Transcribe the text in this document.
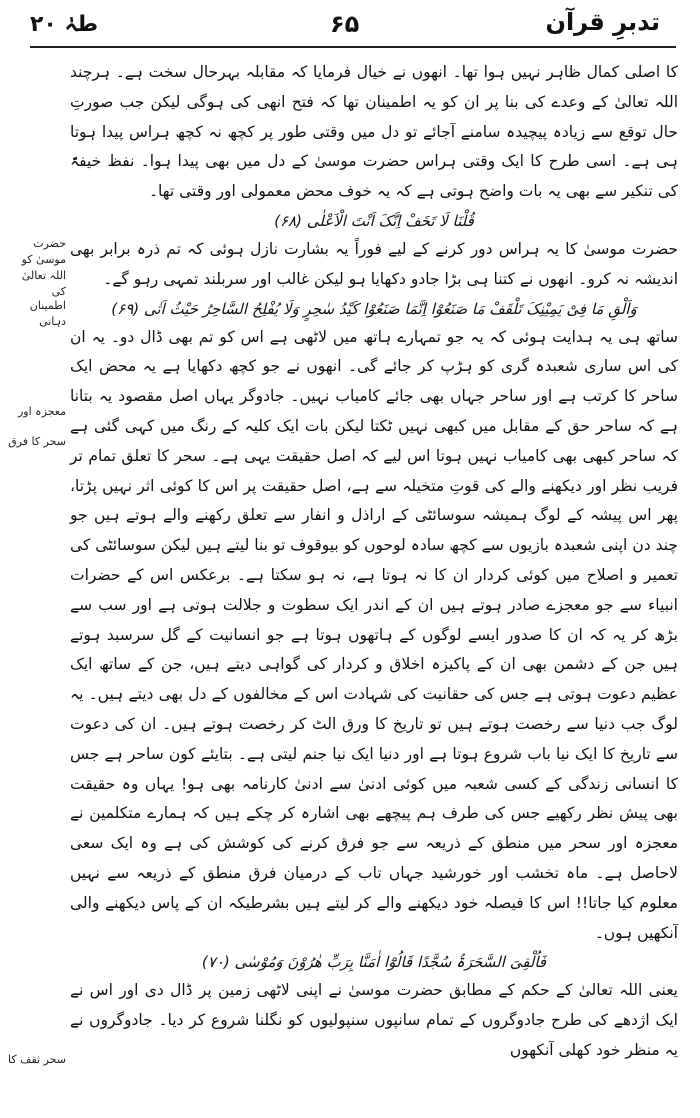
طہٰ ۲۰	۶۵	تدبرِ قرآن

کا اصلی کمال ظاہر نہیں ہوا تھا۔ انھوں نے خیال فرمایا کہ مقابلہ بہرحال سخت ہے۔ ہرچند اللہ تعالیٰ کے وعدے کی بنا پر ان کو یہ اطمینان تھا کہ فتح انھی کی ہوگی لیکن جب صورتِ حال توقع سے زیادہ پیچیدہ سامنے آجائے تو دل میں وقتی طور پر کچھ نہ کچھ ہراس پیدا ہوتا ہی ہے۔ اسی طرح کا ایک وقتی ہراس حضرت موسیٰ کے دل میں بھی پیدا ہوا۔ نفظ خیفۃً کی تنکیر سے بھی یہ بات واضح ہوتی ہے کہ یہ خوف محض معمولی اور وقتی تھا۔

قُلْنَا لَا تَخَفْ اِنَّکَ اَنْتَ الْاَعْلٰی (۶۸)

حضرت موسیٰ کا یہ ہراس دور کرنے کے لیے فوراً یہ بشارت نازل ہوئی کہ تم ذرہ برابر بھی اندیشہ نہ کرو۔ انھوں نے کتنا ہی بڑا جادو دکھایا ہو لیکن غالب اور سربلند تمہی رہو گے۔

وَاَلْقِ مَا فِیْ یَمِیْنِکَ تَلْقَفْ مَا صَنَعُوْا اِنَّمَا صَنَعُوْا کَیْدُ سٰحِرٍ وَلَا یُفْلِحُ السَّاحِرُ حَیْثُ اَتٰی (۶۹)

ساتھ ہی یہ ہدایت ہوئی کہ یہ جو تمہارے ہاتھ میں لاٹھی ہے اس کو تم بھی ڈال دو۔ یہ ان کی اس ساری شعبدہ گری کو ہڑپ کر جائے گی۔ انھوں نے جو کچھ دکھایا ہے یہ محض ایک ساحر کا کرتب ہے اور ساحر جہاں بھی جائے کامیاب نہیں۔ جادوگر یہاں اصل مقصود یہ بتانا ہے کہ ساحر حق کے مقابل میں کبھی نہیں ٹکتا لیکن بات ایک کلیہ کے رنگ میں کہی گئی ہے کہ ساحر کبھی بھی کامیاب نہیں ہوتا اس لیے کہ اصل حقیقت یہی ہے۔ سحر کا تعلق تمام تر فریب نظر اور دیکھنے والے کی قوتِ متخیلہ سے ہے، اصل حقیقت پر اس کا کوئی اثر نہیں پڑتا، پھر اس پیشہ کے لوگ ہمیشہ سوسائٹی کے اراذل و انفار سے تعلق رکھنے والے ہوتے ہیں جو چند دن اپنی شعبدہ بازیوں سے کچھ سادہ لوحوں کو بیوقوف تو بنا لیتے ہیں لیکن سوسائٹی کی تعمیر و اصلاح میں کوئی کردار ان کا نہ ہوتا ہے، نہ ہو سکتا ہے۔ برعکس اس کے حضرات انبیاء سے جو معجزے صادر ہوتے ہیں ان کے اندر ایک سطوت و جلالت ہوتی ہے اور سب سے بڑھ کر یہ کہ ان کا صدور ایسے لوگوں کے ہاتھوں ہوتا ہے جو انسانیت کے گل سرسبد ہوتے ہیں جن کے دشمن بھی ان کے پاکیزہ اخلاق و کردار کی گواہی دیتے ہیں، جن کے ساتھ ایک عظیم دعوت ہوتی ہے جس کی حقانیت کی شہادت اس کے مخالفوں کے دل بھی دیتے ہیں۔ یہ لوگ جب دنیا سے رخصت ہوتے ہیں تو تاریخ کا ورق الٹ کر رخصت ہوتے ہیں۔ ان کی دعوت سے تاریخ کا ایک نیا باب شروع ہوتا ہے اور دنیا ایک نیا جنم لیتی ہے۔ بتایئے کون ساحر ہے جس کا انسانی زندگی کے کسی شعبہ میں کوئی ادنیٰ سے ادنیٰ کارنامہ بھی ہو! یہاں وہ حقیقت بھی پیش نظر رکھیے جس کی طرف ہم پیچھے بھی اشارہ کر چکے ہیں کہ ہمارے متکلمین نے معجزہ اور سحر میں منطق کے ذریعہ سے جو فرق کرنے کی کوشش کی ہے وہ ایک سعی لاحاصل ہے۔ ماہ تخشب اور خورشید جہاں تاب کے درمیان فرق منطق کے ذریعہ سے نہیں معلوم کیا جاتا!! اس کا فیصلہ خود دیکھنے والے کر لیتے ہیں بشرطیکہ ان کے پاس دیکھنے والی آنکھیں ہوں۔

فَاُلْقِیَ السَّحَرَۃُ سُجَّدًا قَالُوْٓا اٰمَنَّا بِرَبِّ ھٰرُوْنَ وَمُوْسٰی (۷۰)

یعنی اللہ تعالیٰ کے حکم کے مطابق حضرت موسیٰ نے اپنی لاٹھی زمین پر ڈال دی اور اس نے ایک اژدھے کی طرح جادوگروں کے تمام سانپوں سنپولیوں کو نگلنا شروع کر دیا۔ جادوگروں نے یہ منظر خود کھلی آنکھوں

حضرت موسیٰ کو
اللہ تعالیٰ کی
اطمینان دہانی
معجزہ اور
سحر کا فرق
سحر ثقف کا
